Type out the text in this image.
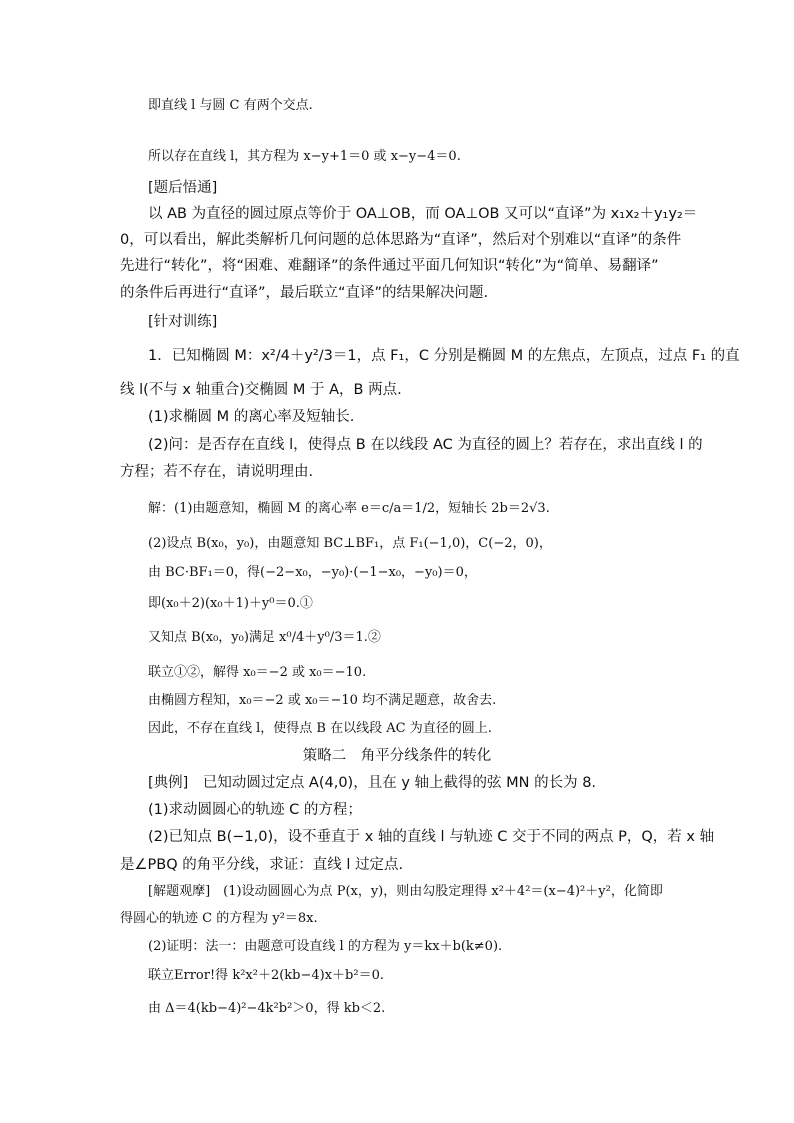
即直线 l 与圆 C 有两个交点.
所以存在直线 l，其方程为 x−y+1＝0 或 x−y−4＝0.
[题后悟通]
以 AB 为直径的圆过原点等价于 OA⊥OB，而 OA⊥OB 又可以“直译”为 x₁x₂＋y₁y₂＝
0，可以看出，解此类解析几何问题的总体思路为“直译”，然后对个别难以“直译”的条件
先进行“转化”，将“困难、难翻译”的条件通过平面几何知识“转化”为“简单、易翻译”
的条件后再进行“直译”，最后联立“直译”的结果解决问题.
[针对训练]
1．已知椭圆 M：x²/4＋y²/3＝1，点 F₁，C 分别是椭圆 M 的左焦点，左顶点，过点 F₁ 的直
线 l(不与 x 轴重合)交椭圆 M 于 A，B 两点.
(1)求椭圆 M 的离心率及短轴长.
(2)问：是否存在直线 l，使得点 B 在以线段 AC 为直径的圆上？若存在，求出直线 l 的
方程；若不存在，请说明理由.
解：(1)由题意知，椭圆 M 的离心率 e＝c/a＝1/2，短轴长 2b＝2√3.
(2)设点 B(x₀，y₀)，由题意知 BC⊥BF₁，点 F₁(−1,0)，C(−2，0)，
由 BC·BF₁＝0，得(−2−x₀，−y₀)·(−1−x₀，−y₀)＝0，
即(x₀＋2)(x₀＋1)＋y⁰＝0.①
又知点 B(x₀，y₀)满足 x⁰/4＋y⁰/3＝1.②
联立①②，解得 x₀＝−2 或 x₀＝−10.
由椭圆方程知，x₀＝−2 或 x₀＝−10 均不满足题意，故舍去.
因此，不存在直线 l，使得点 B 在以线段 AC 为直径的圆上.
策略二　角平分线条件的转化
[典例]　已知动圆过定点 A(4,0)，且在 y 轴上截得的弦 MN 的长为 8.
(1)求动圆圆心的轨迹 C 的方程；
(2)已知点 B(−1,0)，设不垂直于 x 轴的直线 l 与轨迹 C 交于不同的两点 P，Q，若 x 轴
是∠PBQ 的角平分线，求证：直线 l 过定点.
[解题观摩]　(1)设动圆圆心为点 P(x，y)，则由勾股定理得 x²＋4²＝(x−4)²＋y²，化简即
得圆心的轨迹 C 的方程为 y²＝8x.
(2)证明：法一：由题意可设直线 l 的方程为 y＝kx＋b(k≠0).
联立Error!得 k²x²＋2(kb−4)x＋b²＝0.
由 Δ＝4(kb−4)²−4k²b²＞0，得 kb＜2.
